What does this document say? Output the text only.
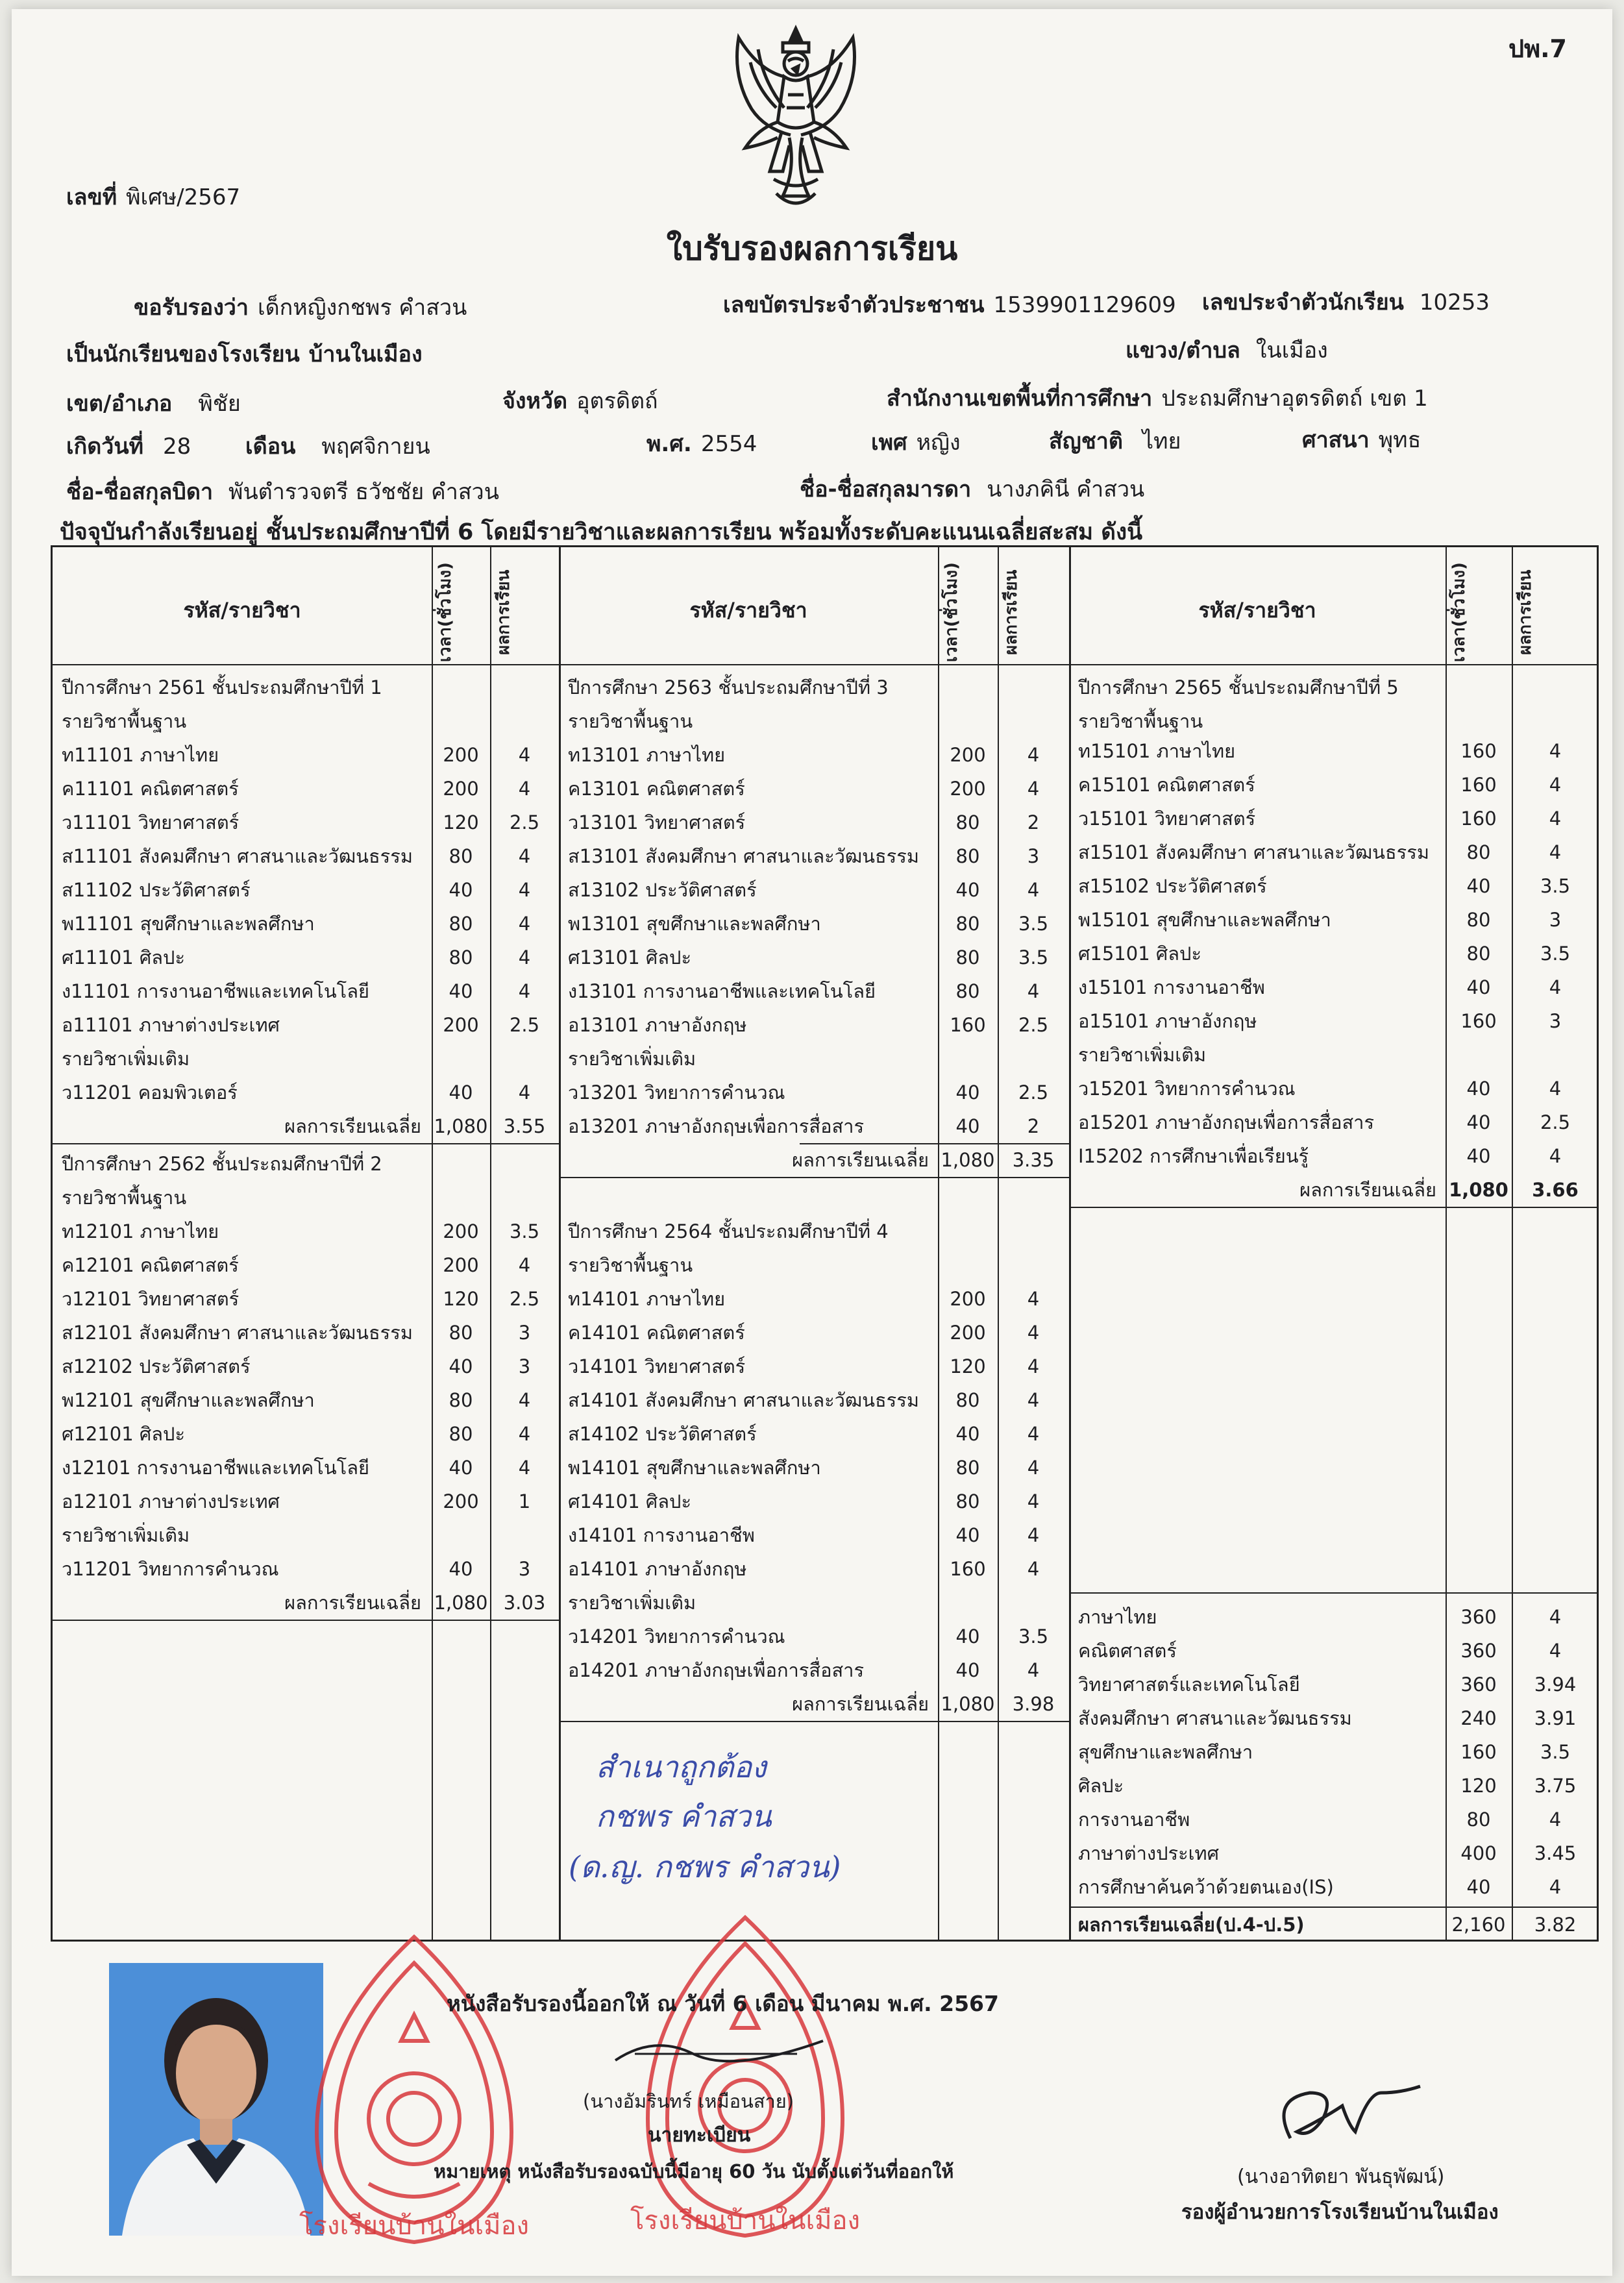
ปพ.7
เลขที่ พิเศษ/2567
ใบรับรองผลการเรียน
ขอรับรองว่า เด็กหญิงกชพร คำสวน	เลขบัตรประจำตัวประชาชน 1539901129609 เลขประจำตัวนักเรียน 10253
เป็นนักเรียนของโรงเรียน บ้านในเมือง	แขวง/ตำบล ในเมือง
เขต/อำเภอ พิชัย	จังหวัด อุตรดิตถ์	สำนักงานเขตพื้นที่การศึกษา ประถมศึกษาอุตรดิตถ์ เขต 1
เกิดวันที่ 28 เดือน พฤศจิกายน	พ.ศ. 2554	เพศ หญิง	สัญชาติ ไทย	ศาสนา พุทธ
ชื่อ-ชื่อสกุลบิดา พันตำรวจตรี ธวัชชัย คำสวน	ชื่อ-ชื่อสกุลมารดา นางภคินี คำสวน
ปัจจุบันกำลังเรียนอยู่ ชั้นประถมศึกษาปีที่ 6 โดยมีรายวิชาและผลการเรียน พร้อมทั้งระดับคะแนนเฉลี่ยสะสม ดังนี้
รหัส/รายวิชา	เวลา(ชั่วโมง)	ผลการเรียน	รหัส/รายวิชา	เวลา(ชั่วโมง)	ผลการเรียน	รหัส/รายวิชา	เวลา(ชั่วโมง)	ผลการเรียน
ปีการศึกษา 2561 ชั้นประถมศึกษาปีที่ 1
รายวิชาพื้นฐาน
ท11101 ภาษาไทย	200	4
ค11101 คณิตศาสตร์	200	4
ว11101 วิทยาศาสตร์	120	2.5
ส11101 สังคมศึกษา ศาสนาและวัฒนธรรม	80	4
ส11102 ประวัติศาสตร์	40	4
พ11101 สุขศึกษาและพลศึกษา	80	4
ศ11101 ศิลปะ	80	4
ง11101 การงานอาชีพและเทคโนโลยี	40	4
อ11101 ภาษาต่างประเทศ	200	2.5
รายวิชาเพิ่มเติม
ว11201 คอมพิวเตอร์	40	4
ผลการเรียนเฉลี่ย 1,080 3.55
ปีการศึกษา 2562 ชั้นประถมศึกษาปีที่ 2
รายวิชาพื้นฐาน
ท12101 ภาษาไทย	200	3.5
ค12101 คณิตศาสตร์	200	4
ว12101 วิทยาศาสตร์	120	2.5
ส12101 สังคมศึกษา ศาสนาและวัฒนธรรม	80	3
ส12102 ประวัติศาสตร์	40	3
พ12101 สุขศึกษาและพลศึกษา	80	4
ศ12101 ศิลปะ	80	4
ง12101 การงานอาชีพและเทคโนโลยี	40	4
อ12101 ภาษาต่างประเทศ	200	1
รายวิชาเพิ่มเติม
ว11201 วิทยาการคำนวณ	40	3
ผลการเรียนเฉลี่ย 1,080 3.03
ปีการศึกษา 2563 ชั้นประถมศึกษาปีที่ 3
รายวิชาพื้นฐาน
ท13101 ภาษาไทย	200	4
ค13101 คณิตศาสตร์	200	4
ว13101 วิทยาศาสตร์	80	2
ส13101 สังคมศึกษา ศาสนาและวัฒนธรรม	80	3
ส13102 ประวัติศาสตร์	40	4
พ13101 สุขศึกษาและพลศึกษา	80	3.5
ศ13101 ศิลปะ	80	3.5
ง13101 การงานอาชีพและเทคโนโลยี	80	4
อ13101 ภาษาอังกฤษ	160	2.5
รายวิชาเพิ่มเติม
ว13201 วิทยาการคำนวณ	40	2.5
อ13201 ภาษาอังกฤษเพื่อการสื่อสาร	40	2
ผลการเรียนเฉลี่ย 1,080 3.35
ปีการศึกษา 2564 ชั้นประถมศึกษาปีที่ 4
รายวิชาพื้นฐาน
ท14101 ภาษาไทย	200	4
ค14101 คณิตศาสตร์	200	4
ว14101 วิทยาศาสตร์	120	4
ส14101 สังคมศึกษา ศาสนาและวัฒนธรรม	80	4
ส14102 ประวัติศาสตร์	40	4
พ14101 สุขศึกษาและพลศึกษา	80	4
ศ14101 ศิลปะ	80	4
ง14101 การงานอาชีพ	40	4
อ14101 ภาษาอังกฤษ	160	4
รายวิชาเพิ่มเติม
ว14201 วิทยาการคำนวณ	40	3.5
อ14201 ภาษาอังกฤษเพื่อการสื่อสาร	40	4
ผลการเรียนเฉลี่ย 1,080 3.98
ปีการศึกษา 2565 ชั้นประถมศึกษาปีที่ 5
รายวิชาพื้นฐาน
ท15101 ภาษาไทย	160	4
ค15101 คณิตศาสตร์	160	4
ว15101 วิทยาศาสตร์	160	4
ส15101 สังคมศึกษา ศาสนาและวัฒนธรรม	80	4
ส15102 ประวัติศาสตร์	40	3.5
พ15101 สุขศึกษาและพลศึกษา	80	3
ศ15101 ศิลปะ	80	3.5
ง15101 การงานอาชีพ	40	4
อ15101 ภาษาอังกฤษ	160	3
รายวิชาเพิ่มเติม
ว15201 วิทยาการคำนวณ	40	4
อ15201 ภาษาอังกฤษเพื่อการสื่อสาร	40	2.5
I15202 การศึกษาเพื่อเรียนรู้	40	4
ผลการเรียนเฉลี่ย 1,080	3.66
ภาษาไทย	360	4
คณิตศาสตร์	360	4
วิทยาศาสตร์และเทคโนโลยี	360	3.94
สังคมศึกษา ศาสนาและวัฒนธรรม	240	3.91
สุขศึกษาและพลศึกษา	160	3.5
ศิลปะ	120	3.75
การงานอาชีพ	80	4
ภาษาต่างประเทศ	400	3.45
การศึกษาค้นคว้าด้วยตนเอง(IS)	40	4
ผลการเรียนเฉลี่ย(ป.4-ป.5)	2,160	3.82
สำเนาถูกต้อง
กชพร คำสวน
(ด.ญ. กชพร คำสวน)
โรงเรียนบ้านในเมือง	โรงเรียนบ้านในเมือง
หนังสือรับรองนี้ออกให้ ณ วันที่ 6 เดือน มีนาคม พ.ศ. 2567
(นางอัมรินทร์ เหมือนสาย)
นายทะเบียน
หมายเหตุ หนังสือรับรองฉบับนี้มีอายุ 60 วัน นับตั้งแต่วันที่ออกให้	(นางอาทิตยา พันธุพัฒน์)
รองผู้อำนวยการโรงเรียนบ้านในเมือง
